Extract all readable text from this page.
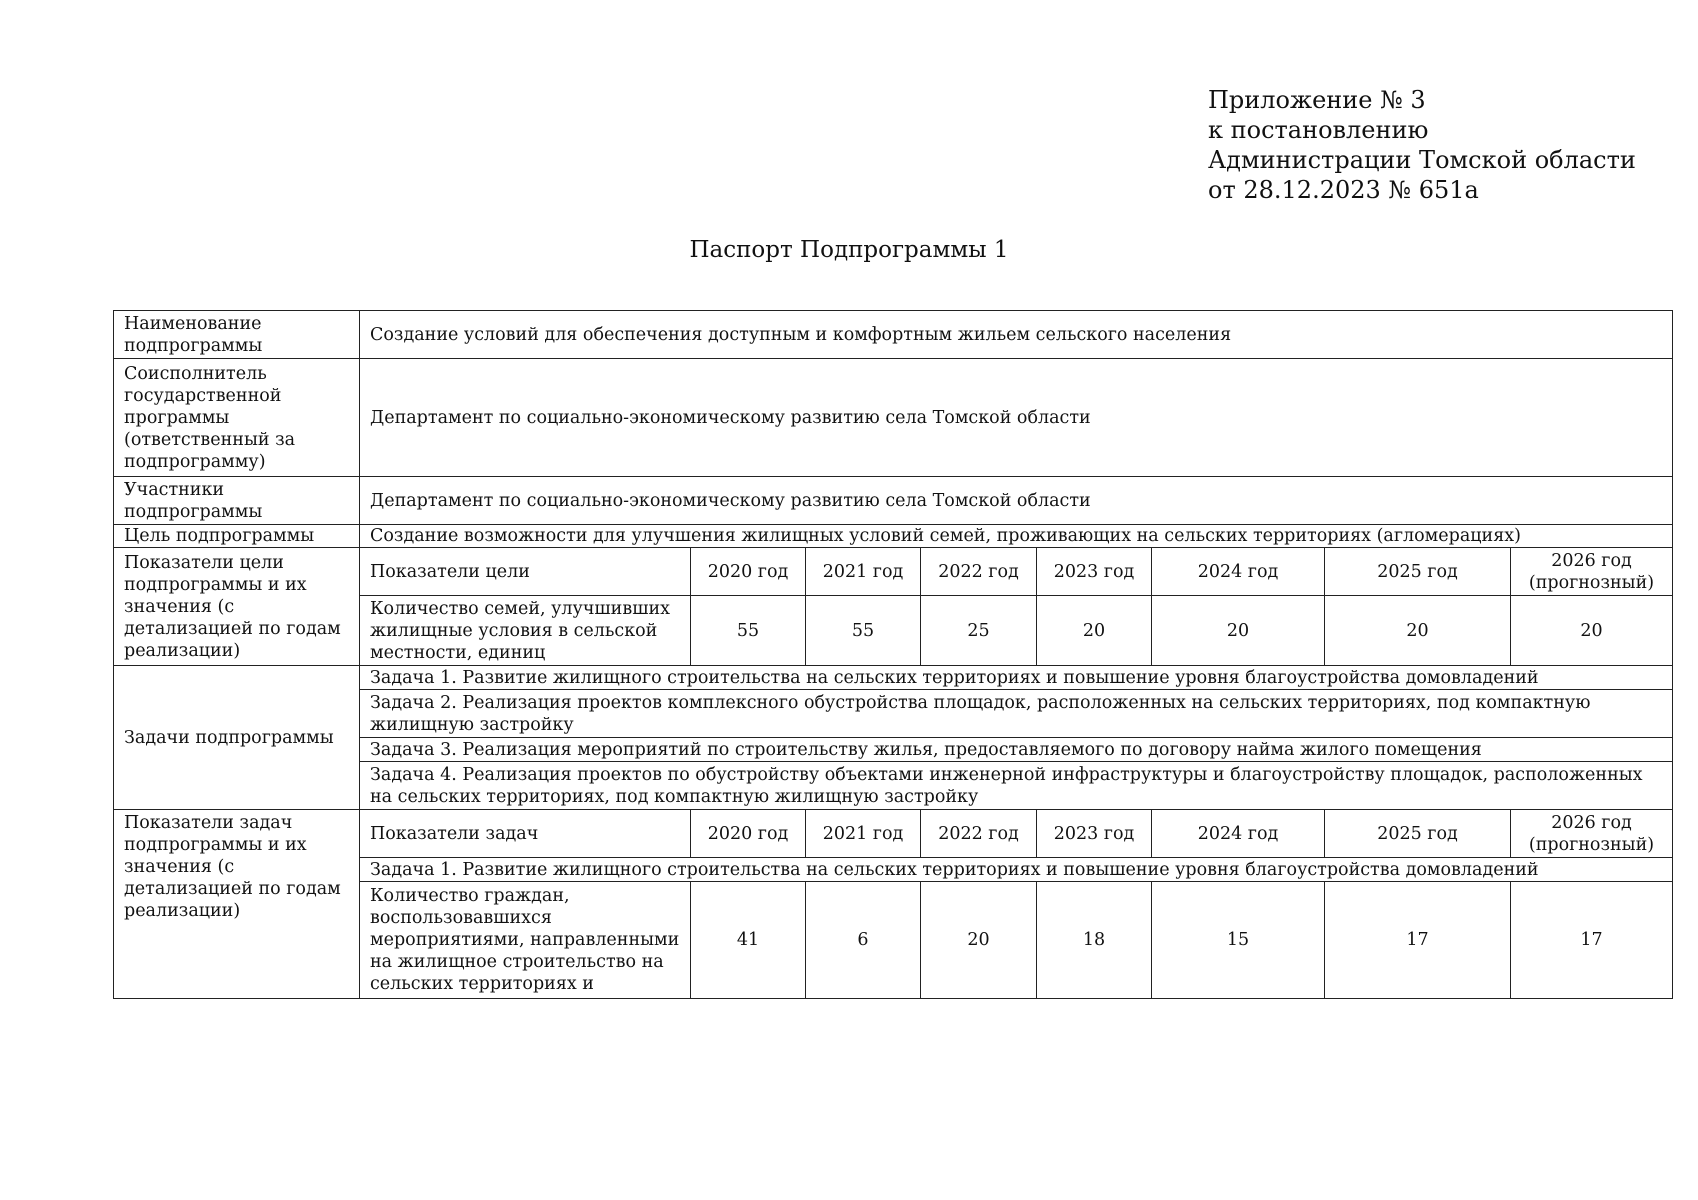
Приложение № 3
к постановлению
Администрации Томской области
от 28.12.2023 № 651а
Паспорт Подпрограммы 1
Наименование подпрограммы	Создание условий для обеспечения доступным и комфортным жильем сельского населения							
Соисполнитель государственной программы (ответственный за подпрограмму)	Департамент по социально-экономическому развитию села Томской области							
Участники подпрограммы	Департамент по социально-экономическому развитию села Томской области							
Цель подпрограммы	Создание возможности для улучшения жилищных условий семей, проживающих на сельских территориях (агломерациях)							
Показатели цели подпрограммы и их значения (с детализацией по годам реализации)	Показатели цели	2020 год	2021 год	2022 год	2023 год	2024 год	2025 год	2026 год (прогнозный)
	Количество семей, улучшивших жилищные условия в сельской местности, единиц	55	55	25	20	20	20	20
Задачи подпрограммы	Задача 1. Развитие жилищного строительства на сельских территориях и повышение уровня благоустройства домовладений							
	Задача 2. Реализация проектов комплексного обустройства площадок, расположенных на сельских территориях, под компактную жилищную застройку							
	Задача 3. Реализация мероприятий по строительству жилья, предоставляемого по договору найма жилого помещения							
	Задача 4. Реализация проектов по обустройству объектами инженерной инфраструктуры и благоустройству площадок, расположенных на сельских территориях, под компактную жилищную застройку							
Показатели задач подпрограммы и их значения (с детализацией по годам реализации)	Показатели задач	2020 год	2021 год	2022 год	2023 год	2024 год	2025 год	2026 год (прогнозный)
	Задача 1. Развитие жилищного строительства на сельских территориях и повышение уровня благоустройства домовладений							
	Количество граждан, воспользовавшихся мероприятиями, направленными на жилищное строительство на сельских территориях и	41	6	20	18	15	17	17
